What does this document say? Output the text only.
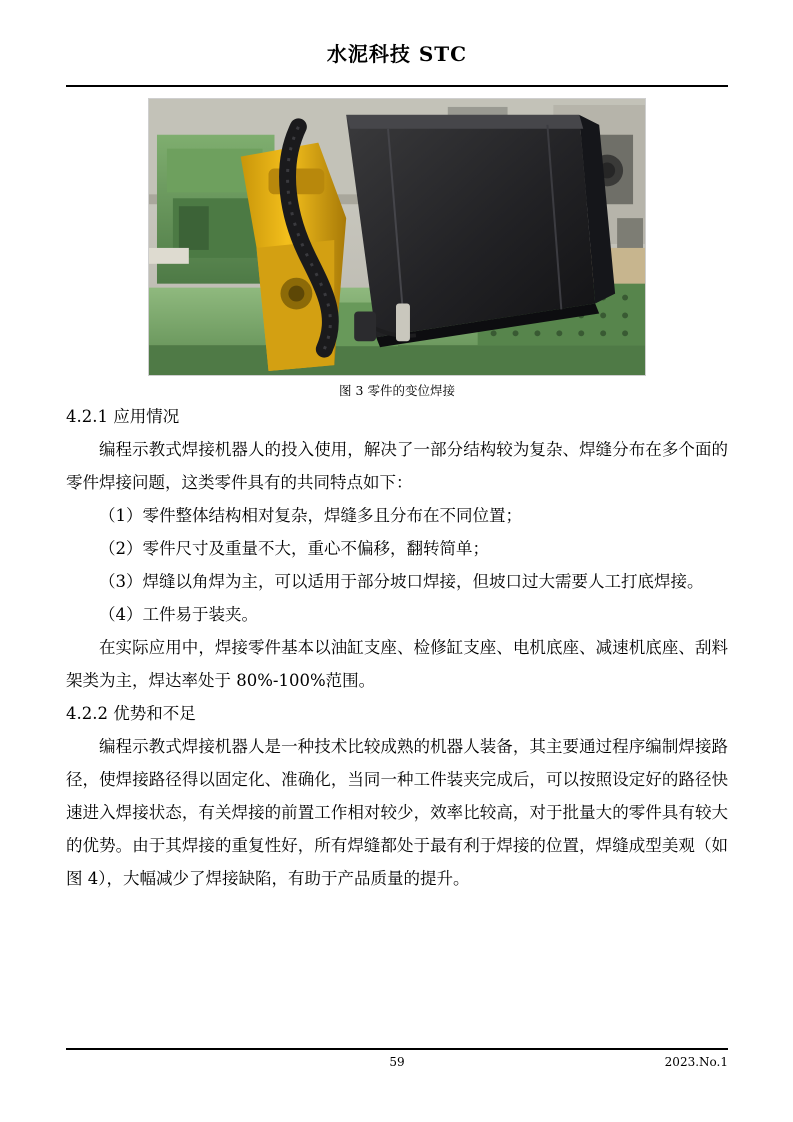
水泥科技 STC
图 3 零件的变位焊接
4.2.1 应用情况

编程示教式焊接机器人的投入使用，解决了一部分结构较为复杂、焊缝分布在多个面的零件焊接问题，这类零件具有的共同特点如下：

（1）零件整体结构相对复杂，焊缝多且分布在不同位置；

（2）零件尺寸及重量不大，重心不偏移，翻转简单；

（3）焊缝以角焊为主，可以适用于部分坡口焊接，但坡口过大需要人工打底焊接。

（4）工件易于装夹。

在实际应用中，焊接零件基本以油缸支座、检修缸支座、电机底座、减速机底座、刮料架类为主，焊达率处于 80%-100%范围。

4.2.2 优势和不足

编程示教式焊接机器人是一种技术比较成熟的机器人装备，其主要通过程序编制焊接路径，使焊接路径得以固定化、准确化，当同一种工件装夹完成后，可以按照设定好的路径快速进入焊接状态，有关焊接的前置工作相对较少，效率比较高，对于批量大的零件具有较大的优势。由于其焊接的重复性好，所有焊缝都处于最有利于焊接的位置，焊缝成型美观（如图 4），大幅减少了焊接缺陷，有助于产品质量的提升。

59	2023.No.1
